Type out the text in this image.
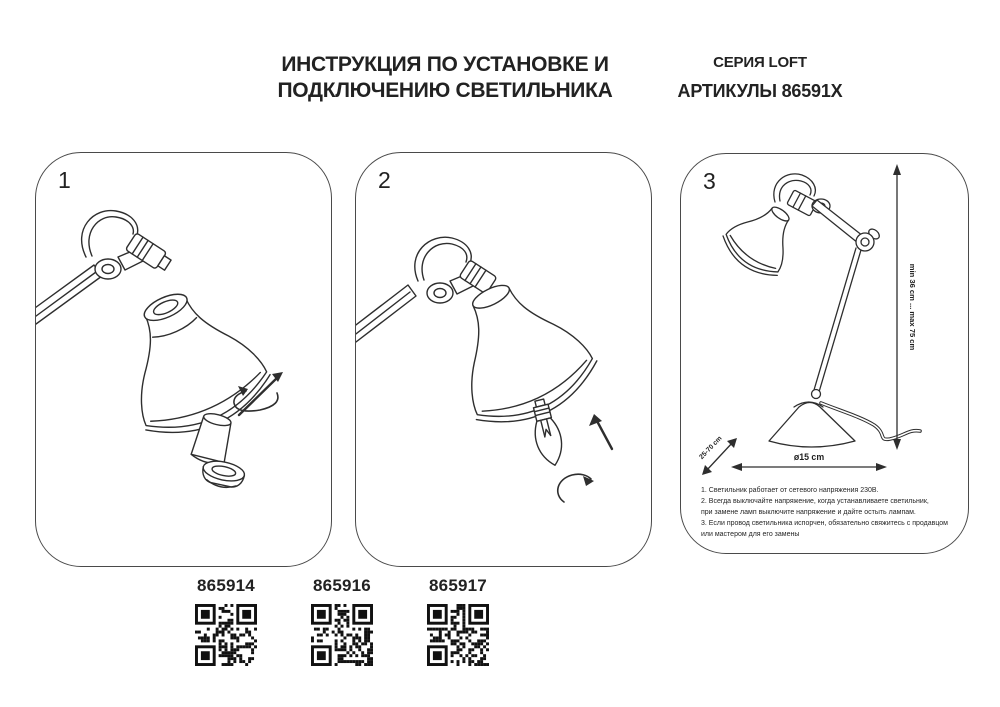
ИНСТРУКЦИЯ ПО УСТАНОВКЕ И
ПОДКЛЮЧЕНИЮ СВЕТИЛЬНИКА
СЕРИЯ LOFT
АРТИКУЛЫ 86591X
1	2
min 36 cm ... max 75 cm
ø15 cm
25-70 cm
1. Светильник работает от сетевого напряжения 230В.
2. Всегда выключайте напряжение, когда устанавливаете светильник,
при замене ламп выключите напряжение и дайте остыть лампам.
3. Если провод светильника испорчен, обязательно свяжитесь с продавцом
или мастером для его замены
3
865914	865916	865917
